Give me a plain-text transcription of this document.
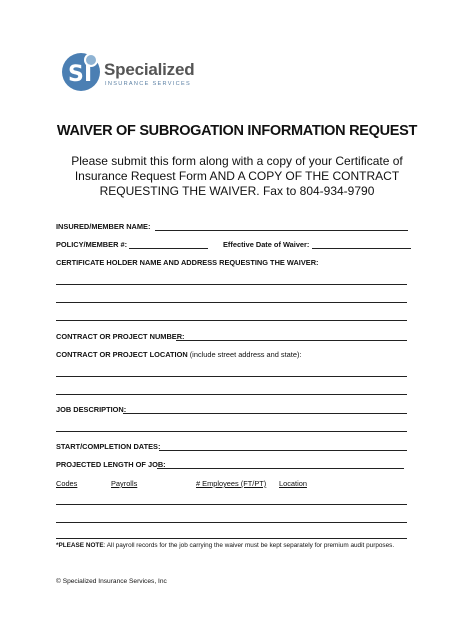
S I Specialized
INSURANCE SERVICES
WAIVER OF SUBROGATION INFORMATION REQUEST
Please submit this form along with a copy of your Certificate of Insurance Request Form AND A COPY OF THE CONTRACT REQUESTING THE WAIVER. Fax to 804-934-9790
INSURED/MEMBER NAME:
POLICY/MEMBER #:	Effective Date of Waiver:
CERTIFICATE HOLDER NAME AND ADDRESS REQUESTING THE WAIVER:
CONTRACT OR PROJECT NUMBER:
CONTRACT OR PROJECT LOCATION (include street address and state):
JOB DESCRIPTION:
START/COMPLETION DATES:
PROJECTED LENGTH OF JOB:
Codes	Payrolls	# Employees (FT/PT) Location
*PLEASE NOTE: All payroll records for the job carrying the waiver must be kept separately for premium audit purposes.
© Specialized Insurance Services, Inc
